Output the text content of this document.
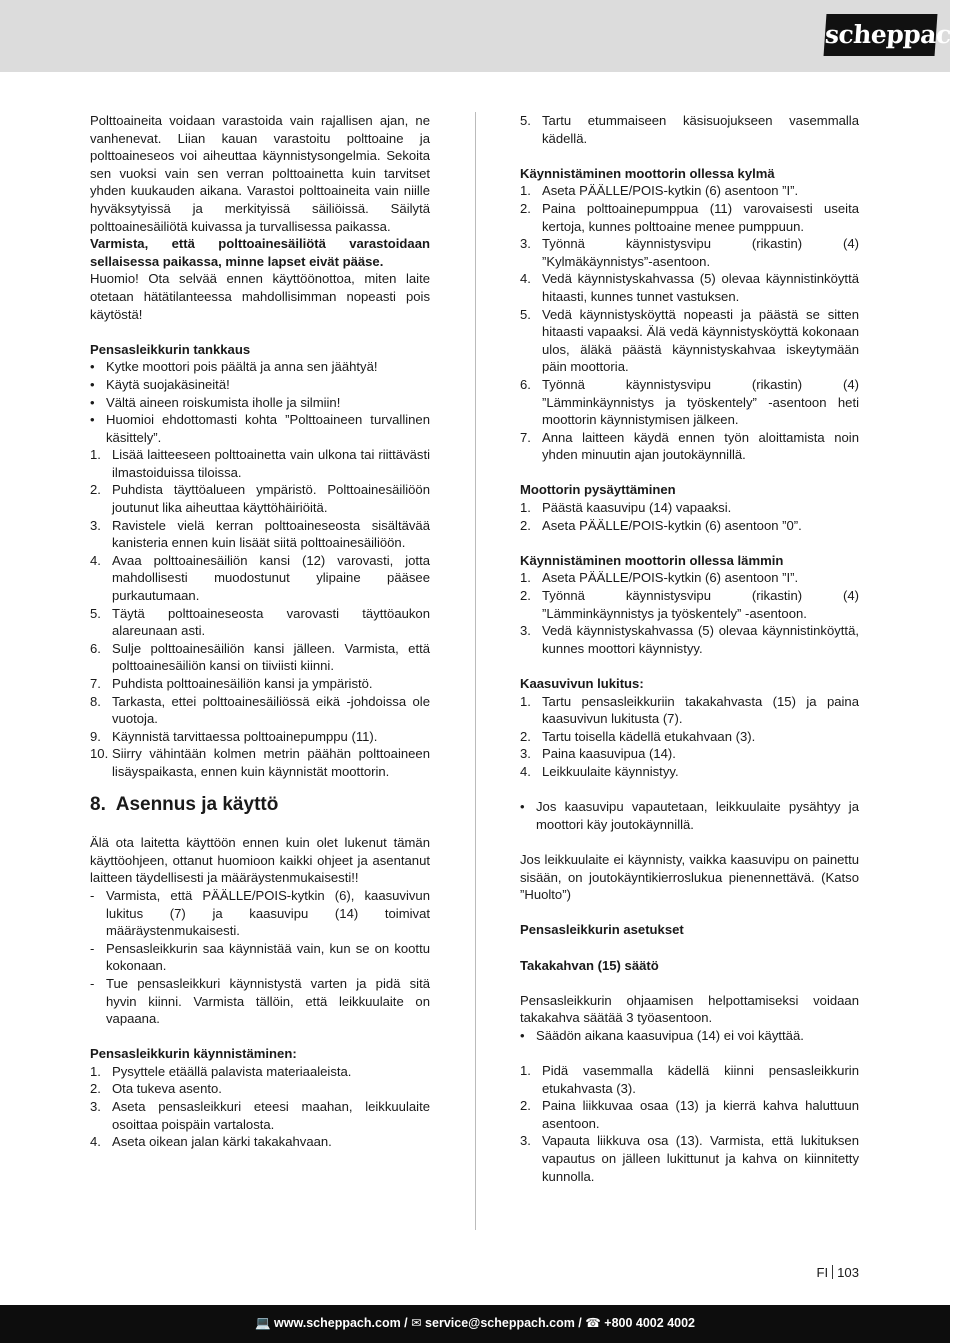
scheppach

Polttoaineita voidaan varastoida vain rajallisen ajan, ne vanhenevat. Liian kauan varastoitu polttoaine ja polttoaineseos voi aiheuttaa käynnistysongelmia. Sekoita sen vuoksi vain sen verran polttoainetta kuin tarvitset yhden kuukauden aikana. Varastoi polttoaineita vain niille hyväksytyissä ja merkityissä säiliöissä. Säilytä polttoainesäiliötä kuivassa ja turvallisessa paikassa.

Varmista, että polttoainesäiliötä varastoidaan sellaisessa paikassa, minne lapset eivät pääse.

Huomio! Ota selvää ennen käyttöönottoa, miten laite otetaan hätätilanteessa mahdollisimman nopeasti pois käytöstä!

Pensasleikkurin tankkaus
• Kytke moottori pois päältä ja anna sen jäähtyä!
• Käytä suojakäsineitä!
• Vältä aineen roiskumista iholle ja silmiin!
• Huomioi ehdottomasti kohta ”Polttoaineen turvallinen käsittely”.
1. Lisää laitteeseen polttoainetta vain ulkona tai riittävästi ilmastoiduissa tiloissa.
2. Puhdista täyttöalueen ympäristö. Polttoainesäiliöön joutunut lika aiheuttaa käyttöhäiriöitä.
3. Ravistele vielä kerran polttoaineseosta sisältävää kanisteria ennen kuin lisäät siitä polttoainesäiliöön.
4. Avaa polttoainesäiliön kansi (12) varovasti, jotta mahdollisesti muodostunut ylipaine pääsee purkautumaan.
5. Täytä polttoaineseosta varovasti täyttöaukon alareunaan asti.
6. Sulje polttoainesäiliön kansi jälleen. Varmista, että polttoainesäiliön kansi on tiiviisti kiinni.
7. Puhdista polttoainesäiliön kansi ja ympäristö.
8. Tarkasta, ettei polttoainesäiliössä eikä -johdoissa ole vuotoja.
9. Käynnistä tarvittaessa polttoainepumppu (11).
10. Siirry vähintään kolmen metrin päähän polttoaineen lisäyspaikasta, ennen kuin käynnistät moottorin.
8. Asennus ja käyttö

Älä ota laitetta käyttöön ennen kuin olet lukenut tämän käyttöohjeen, ottanut huomioon kaikki ohjeet ja asentanut laitteen täydellisesti ja määräystenmukaisesti!!

- Varmista, että PÄÄLLE/POIS-kytkin (6), kaasuvivun lukitus (7) ja kaasuvipu (14) toimivat määräystenmukaisesti.
- Pensasleikkurin saa käynnistää vain, kun se on koottu kokonaan.
- Tue pensasleikkuri käynnistystä varten ja pidä sitä hyvin kiinni. Varmista tällöin, että leikkuulaite on vapaana.
Pensasleikkurin käynnistäminen:
1. Pysyttele etäällä palavista materiaaleista.
2. Ota tukeva asento.
3. Aseta pensasleikkuri eteesi maahan, leikkuulaite osoittaa poispäin vartalosta.
4. Aseta oikean jalan kärki takakahvaan.
5. Tartu etummaiseen käsisuojukseen vasemmalla kädellä.
Käynnistäminen moottorin ollessa kylmä
1. Aseta PÄÄLLE/POIS-kytkin (6) asentoon ”I”.
2. Paina polttoainepumppua (11) varovaisesti useita kertoja, kunnes polttoaine menee pumppuun.
3. Työnnä käynnistysvipu (rikastin) (4) ”Kylmäkäynnistys”-asentoon.
4. Vedä käynnistyskahvassa (5) olevaa käynnistinköyttä hitaasti, kunnes tunnet vastuksen.
5. Vedä käynnistysköyttä nopeasti ja päästä se sitten hitaasti vapaaksi. Älä vedä käynnistysköyttä kokonaan ulos, äläkä päästä käynnistyskahvaa iskeytymään päin moottoria.
6. Työnnä käynnistysvipu (rikastin) (4) ”Lämminkäynnistys ja työskentely” -asentoon heti moottorin käynnistymisen jälkeen.
7. Anna laitteen käydä ennen työn aloittamista noin yhden minuutin ajan joutokäynnillä.
Moottorin pysäyttäminen
1. Päästä kaasuvipu (14) vapaaksi.
2. Aseta PÄÄLLE/POIS-kytkin (6) asentoon ”0”.
Käynnistäminen moottorin ollessa lämmin
1. Aseta PÄÄLLE/POIS-kytkin (6) asentoon ”I”.
2. Työnnä käynnistysvipu (rikastin) (4) ”Lämminkäynnistys ja työskentely” -asentoon.
3. Vedä käynnistyskahvassa (5) olevaa käynnistinköyttä, kunnes moottori käynnistyy.
Kaasuvivun lukitus:
1. Tartu pensasleikkuriin takakahvasta (15) ja paina kaasuvivun lukitusta (7).
2. Tartu toisella kädellä etukahvaan (3).
3. Paina kaasuvipua (14).
4. Leikkuulaite käynnistyy.
• Jos kaasuvipu vapautetaan, leikkuulaite pysähtyy ja moottori käy joutokäynnillä.

Jos leikkuulaite ei käynnisty, vaikka kaasuvipu on painettu sisään, on joutokäyntikierroslukua pienennettävä. (Katso ”Huolto”)

Pensasleikkurin asetukset
Takakahvan (15) säätö

Pensasleikkurin ohjaamisen helpottamiseksi voidaan takakahva säätää 3 työasentoon.

• Säädön aikana kaasuvipua (14) ei voi käyttää.
1. Pidä vasemmalla kädellä kiinni pensasleikkurin etukahvasta (3).
2. Paina liikkuvaa osaa (13) ja kierrä kahva haluttuun asentoon.
3. Vapauta liikkuva osa (13). Varmista, että lukituksen vapautus on jälleen lukittunut ja kahva on kiinnitetty kunnolla.
FI 103
💻 www.scheppach.com / ✉ service@scheppach.com / ☎ +800 4002 4002
